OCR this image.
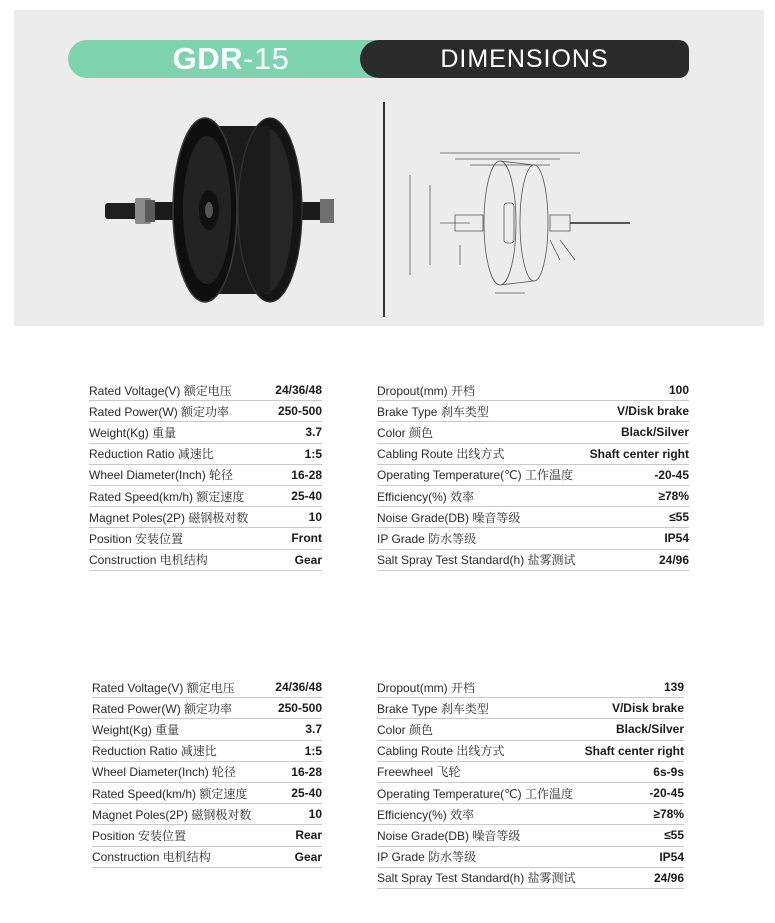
GDR -15	DIMENSIONS
Rated Voltage(V) 额定电压	24/36/48
Rated Power(W) 额定功率	250-500
Weight(Kg) 重量	3.7
Reduction Ratio 减速比	1:5
Wheel Diameter(Inch) 轮径	16-28
Rated Speed(km/h) 额定速度	25-40
Magnet Poles(2P) 磁钢极对数	10
Position 安装位置	Front
Construction 电机结构	Gear
Dropout(mm) 开档	100
Brake Type 刹车类型	V/Disk brake
Color 颜色	Black/Silver
Cabling Route 出线方式	Shaft center right
Operating Temperature(℃) 工作温度	-20-45
Efficiency(%) 效率	≥78%
Noise Grade(DB) 噪音等级	≤55
IP Grade 防水等级	IP54
Salt Spray Test Standard(h) 盐雾测试	24/96
Rated Voltage(V) 额定电压	24/36/48
Rated Power(W) 额定功率	250-500
Weight(Kg) 重量	3.7
Reduction Ratio 减速比	1:5
Wheel Diameter(Inch) 轮径	16-28
Rated Speed(km/h) 额定速度	25-40
Magnet Poles(2P) 磁钢极对数	10
Position 安装位置	Rear
Construction 电机结构	Gear
Dropout(mm) 开档	139
Brake Type 刹车类型	V/Disk brake
Color 颜色	Black/Silver
Cabling Route 出线方式	Shaft center right
Freewheel 飞轮	6s-9s
Operating Temperature(℃) 工作温度	-20-45
Efficiency(%) 效率	≥78%
Noise Grade(DB) 噪音等级	≤55
IP Grade 防水等级	IP54
Salt Spray Test Standard(h) 盐雾测试	24/96
